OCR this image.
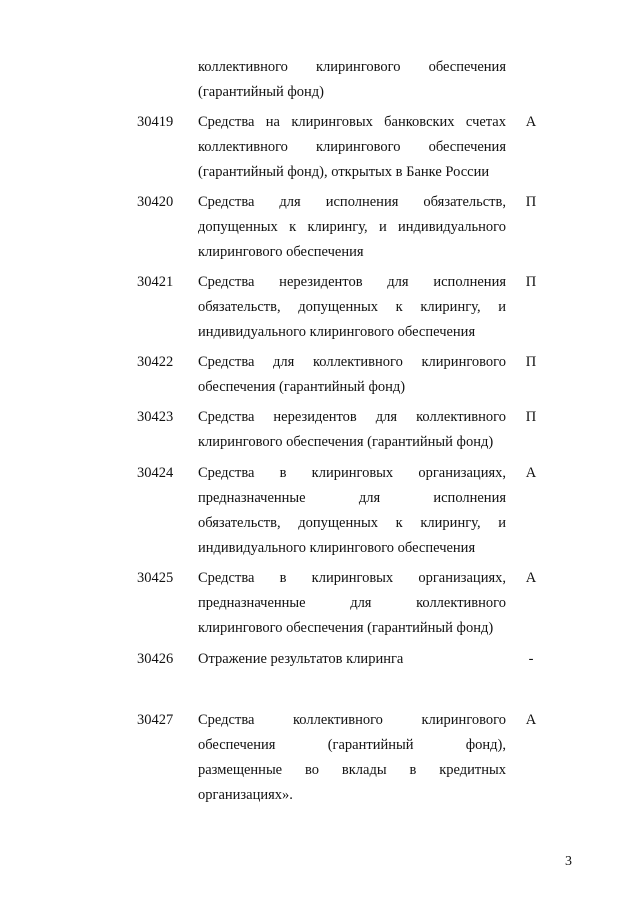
коллективного клирингового обеспечения
(гарантийный фонд)
30419 Средства на клиринговых банковских счетах
коллективного клирингового обеспечения
(гарантийный фонд), открытых в Банке России
А
30420 Средства для исполнения обязательств,
допущенных к клирингу, и индивидуального
клирингового обеспечения
П
30421 Средства нерезидентов для исполнения
обязательств, допущенных к клирингу, и
индивидуального клирингового обеспечения
П
30422 Средства для коллективного клирингового
обеспечения (гарантийный фонд)
П
30423 Средства нерезидентов для коллективного
клирингового обеспечения (гарантийный фонд)
П
30424 Средства в клиринговых организациях,
предназначенные для исполнения
обязательств, допущенных к клирингу, и
индивидуального клирингового обеспечения
А
30425 Средства в клиринговых организациях,
предназначенные для коллективного
клирингового обеспечения (гарантийный фонд)
А
30426 Отражение результатов клиринга	-
30427 Средства коллективного клирингового
обеспечения (гарантийный фонд),
размещенные во вклады в кредитных
организациях».
А
3
